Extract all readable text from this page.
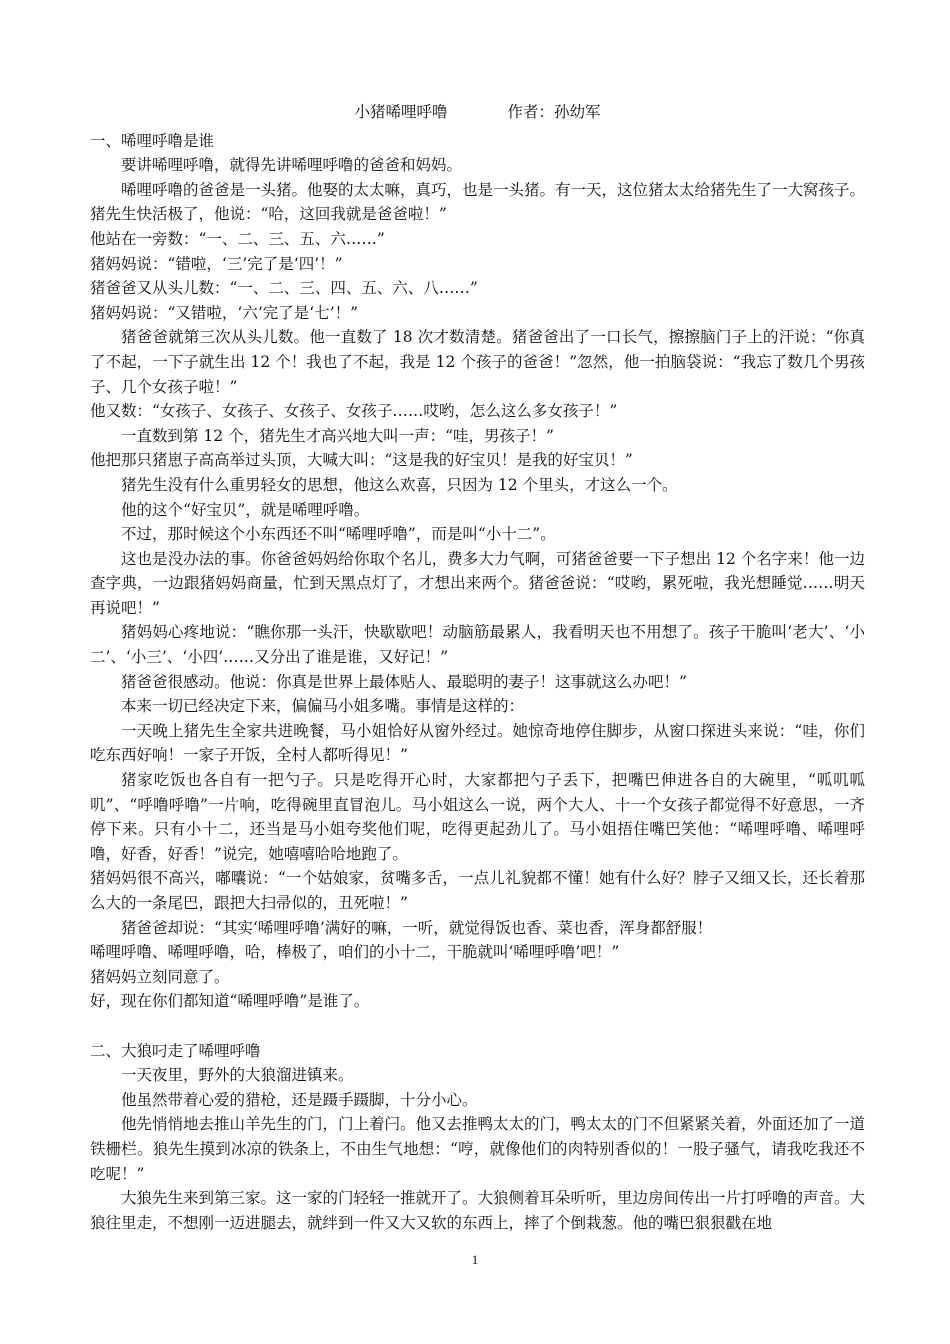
小猪唏哩呼噜	作者：孙幼军
一、唏哩呼噜是谁

要讲唏哩呼噜，就得先讲唏哩呼噜的爸爸和妈妈。

唏哩呼噜的爸爸是一头猪。他娶的太太嘛，真巧，也是一头猪。有一天，这位猪太太给猪先生了一大窝孩子。猪先生快活极了，他说：“哈，这回我就是爸爸啦！”

他站在一旁数：“一、二、三、五、六……”

猪妈妈说：“错啦，‘三’完了是‘四’！”

猪爸爸又从头儿数：“一、二、三、四、五、六、八……”

猪妈妈说：“又错啦，‘六’完了是‘七’！”

猪爸爸就第三次从头儿数。他一直数了 18 次才数清楚。猪爸爸出了一口长气，擦擦脑门子上的汗说：“你真了不起，一下子就生出 12 个！我也了不起，我是 12 个孩子的爸爸！”忽然，他一拍脑袋说：“我忘了数几个男孩子、几个女孩子啦！”

他又数：“女孩子、女孩子、女孩子、女孩子……哎哟，怎么这么多女孩子！”

一直数到第 12 个，猪先生才高兴地大叫一声：“哇，男孩子！”

他把那只猪崽子高高举过头顶，大喊大叫：“这是我的好宝贝！是我的好宝贝！”

猪先生没有什么重男轻女的思想，他这么欢喜，只因为 12 个里头，才这么一个。

他的这个“好宝贝”，就是唏哩呼噜。

不过，那时候这个小东西还不叫“唏哩呼噜”，而是叫“小十二”。

这也是没办法的事。你爸爸妈妈给你取个名儿，费多大力气啊，可猪爸爸要一下子想出 12 个名字来！他一边查字典，一边跟猪妈妈商量，忙到天黑点灯了，才想出来两个。猪爸爸说：“哎哟，累死啦，我光想睡觉……明天再说吧！”

猪妈妈心疼地说：“瞧你那一头汗，快歇歇吧！动脑筋最累人，我看明天也不用想了。孩子干脆叫‘老大’、‘小二’、‘小三’、‘小四’……又分出了谁是谁，又好记！”

猪爸爸很感动。他说：你真是世界上最体贴人、最聪明的妻子！这事就这么办吧！”

本来一切已经决定下来，偏偏马小姐多嘴。事情是这样的：

一天晚上猪先生全家共进晚餐，马小姐恰好从窗外经过。她惊奇地停住脚步，从窗口探进头来说：“哇，你们吃东西好响！一家子开饭，全村人都听得见！”

猪家吃饭也各自有一把勺子。只是吃得开心时，大家都把勺子丢下，把嘴巴伸进各自的大碗里，“呱叽呱叽”、“呼噜呼噜”一片响，吃得碗里直冒泡儿。马小姐这么一说，两个大人、十一个女孩子都觉得不好意思，一齐停下来。只有小十二，还当是马小姐夸奖他们呢，吃得更起劲儿了。马小姐捂住嘴巴笑他：“唏哩呼噜、唏哩呼噜，好香，好香！”说完，她嘻嘻哈哈地跑了。

猪妈妈很不高兴，嘟囔说：“一个姑娘家，贫嘴多舌，一点儿礼貌都不懂！她有什么好？脖子又细又长，还长着那么大的一条尾巴，跟把大扫帚似的，丑死啦！”

猪爸爸却说：“其实‘唏哩呼噜’满好的嘛，一听，就觉得饭也香、菜也香，浑身都舒服！

唏哩呼噜、唏哩呼噜，哈，棒极了，咱们的小十二，干脆就叫‘唏哩呼噜’吧！”

猪妈妈立刻同意了。

好，现在你们都知道“唏哩呼噜”是谁了。

二、大狼叼走了唏哩呼噜

一天夜里，野外的大狼溜进镇来。

他虽然带着心爱的猎枪，还是蹑手蹑脚，十分小心。

他先悄悄地去推山羊先生的门，门上着闩。他又去推鸭太太的门，鸭太太的门不但紧紧关着，外面还加了一道铁栅栏。狼先生摸到冰凉的铁条上，不由生气地想：“哼，就像他们的肉特别香似的！一股子骚气，请我吃我还不吃呢！”

大狼先生来到第三家。这一家的门轻轻一推就开了。大狼侧着耳朵听听，里边房间传出一片打呼噜的声音。大狼往里走，不想刚一迈进腿去，就绊到一件又大又软的东西上，摔了个倒栽葱。他的嘴巴狠狠戳在地

1
